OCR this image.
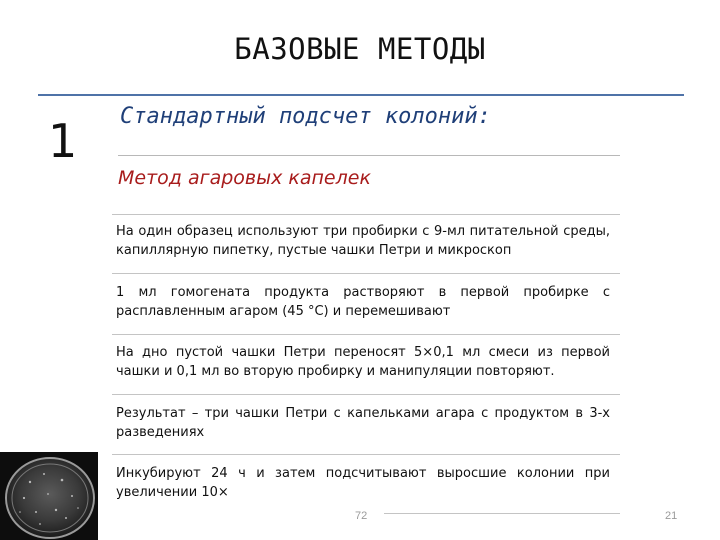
БАЗОВЫЕ МЕТОДЫ
1 Стандартный подсчет колоний:
Метод агаровых капелек
На один образец используют три пробирки с 9-мл питательной среды, капиллярную пипетку, пустые чашки Петри и микроскоп
1 мл гомогената продукта растворяют в первой пробирке с расплавленным агаром (45 °С) и перемешивают
На дно пустой чашки Петри переносят 5×0,1 мл смеси из первой чашки и 0,1 мл во вторую пробирку и манипуляции повторяют.
Результат – три чашки Петри с капельками агара с продуктом в 3-х разведениях
Инкубируют 24 ч и затем подсчитывают выросшие колонии при увеличении 10×
72	21
